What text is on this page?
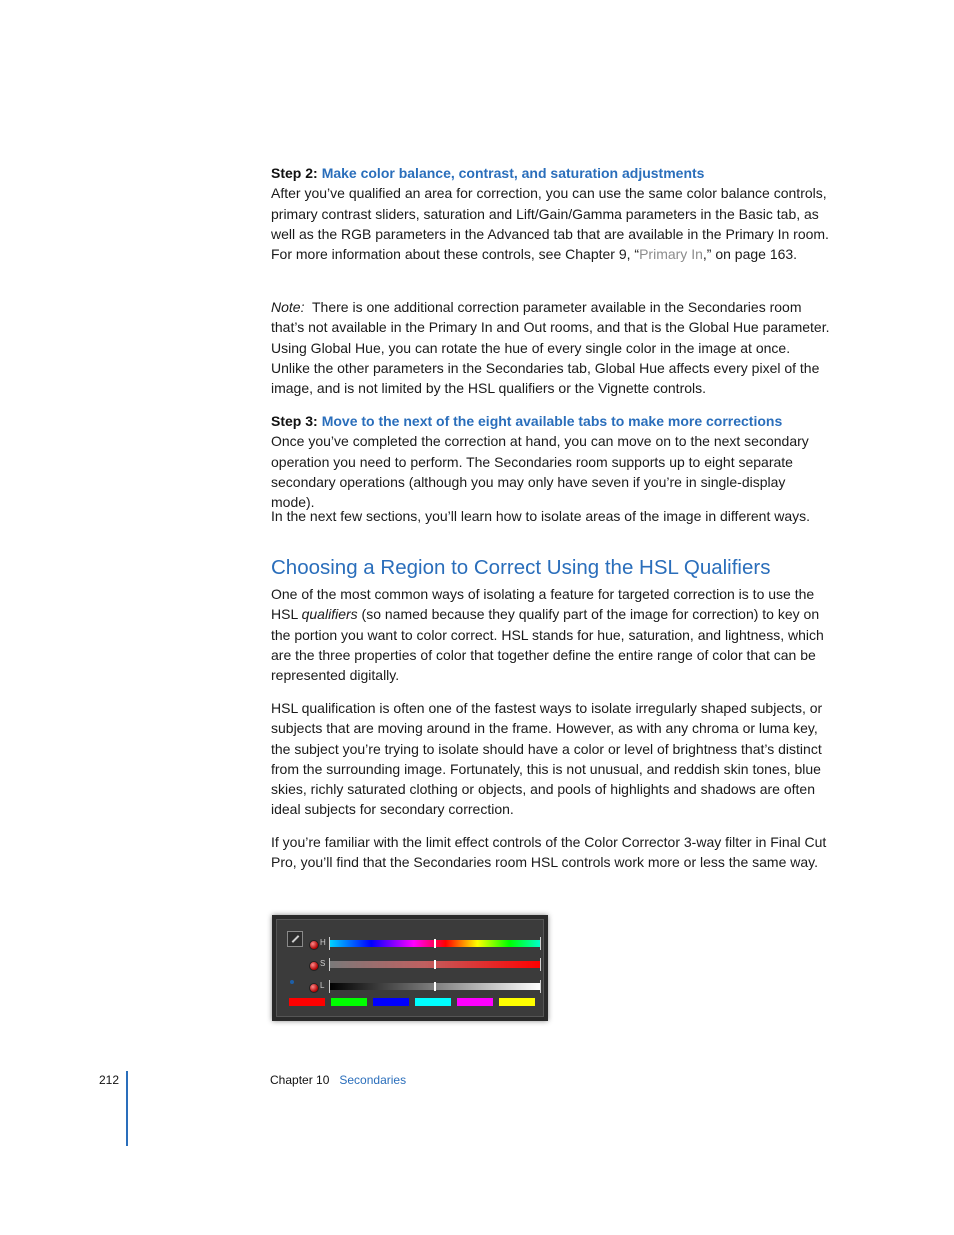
Step 2: Make color balance, contrast, and saturation adjustments

After you’ve qualified an area for correction, you can use the same color balance controls, primary contrast sliders, saturation and Lift/Gain/Gamma parameters in the Basic tab, as well as the RGB parameters in the Advanced tab that are available in the Primary In room. For more information about these controls, see Chapter 9, “Primary In,” on page 163.

Note: There is one additional correction parameter available in the Secondaries room that’s not available in the Primary In and Out rooms, and that is the Global Hue parameter. Using Global Hue, you can rotate the hue of every single color in the image at once. Unlike the other parameters in the Secondaries tab, Global Hue affects every pixel of the image, and is not limited by the HSL qualifiers or the Vignette controls.

Step 3: Move to the next of the eight available tabs to make more corrections

Once you’ve completed the correction at hand, you can move on to the next secondary operation you need to perform. The Secondaries room supports up to eight separate secondary operations (although you may only have seven if you’re in single-display mode).

In the next few sections, you’ll learn how to isolate areas of the image in different ways.

Choosing a Region to Correct Using the HSL Qualifiers

One of the most common ways of isolating a feature for targeted correction is to use the HSL qualifiers (so named because they qualify part of the image for correction) to key on the portion you want to color correct. HSL stands for hue, saturation, and lightness, which are the three properties of color that together define the entire range of color that can be represented digitally.

HSL qualification is often one of the fastest ways to isolate irregularly shaped subjects, or subjects that are moving around in the frame. However, as with any chroma or luma key, the subject you’re trying to isolate should have a color or level of brightness that’s distinct from the surrounding image. Fortunately, this is not unusual, and reddish skin tones, blue skies, richly saturated clothing or objects, and pools of highlights and shadows are often ideal subjects for secondary correction.

If you’re familiar with the limit effect controls of the Color Corrector 3-way filter in Final Cut Pro, you’ll find that the Secondaries room HSL controls work more or less the same way.

H
S
L
212	Chapter 10 Secondaries
